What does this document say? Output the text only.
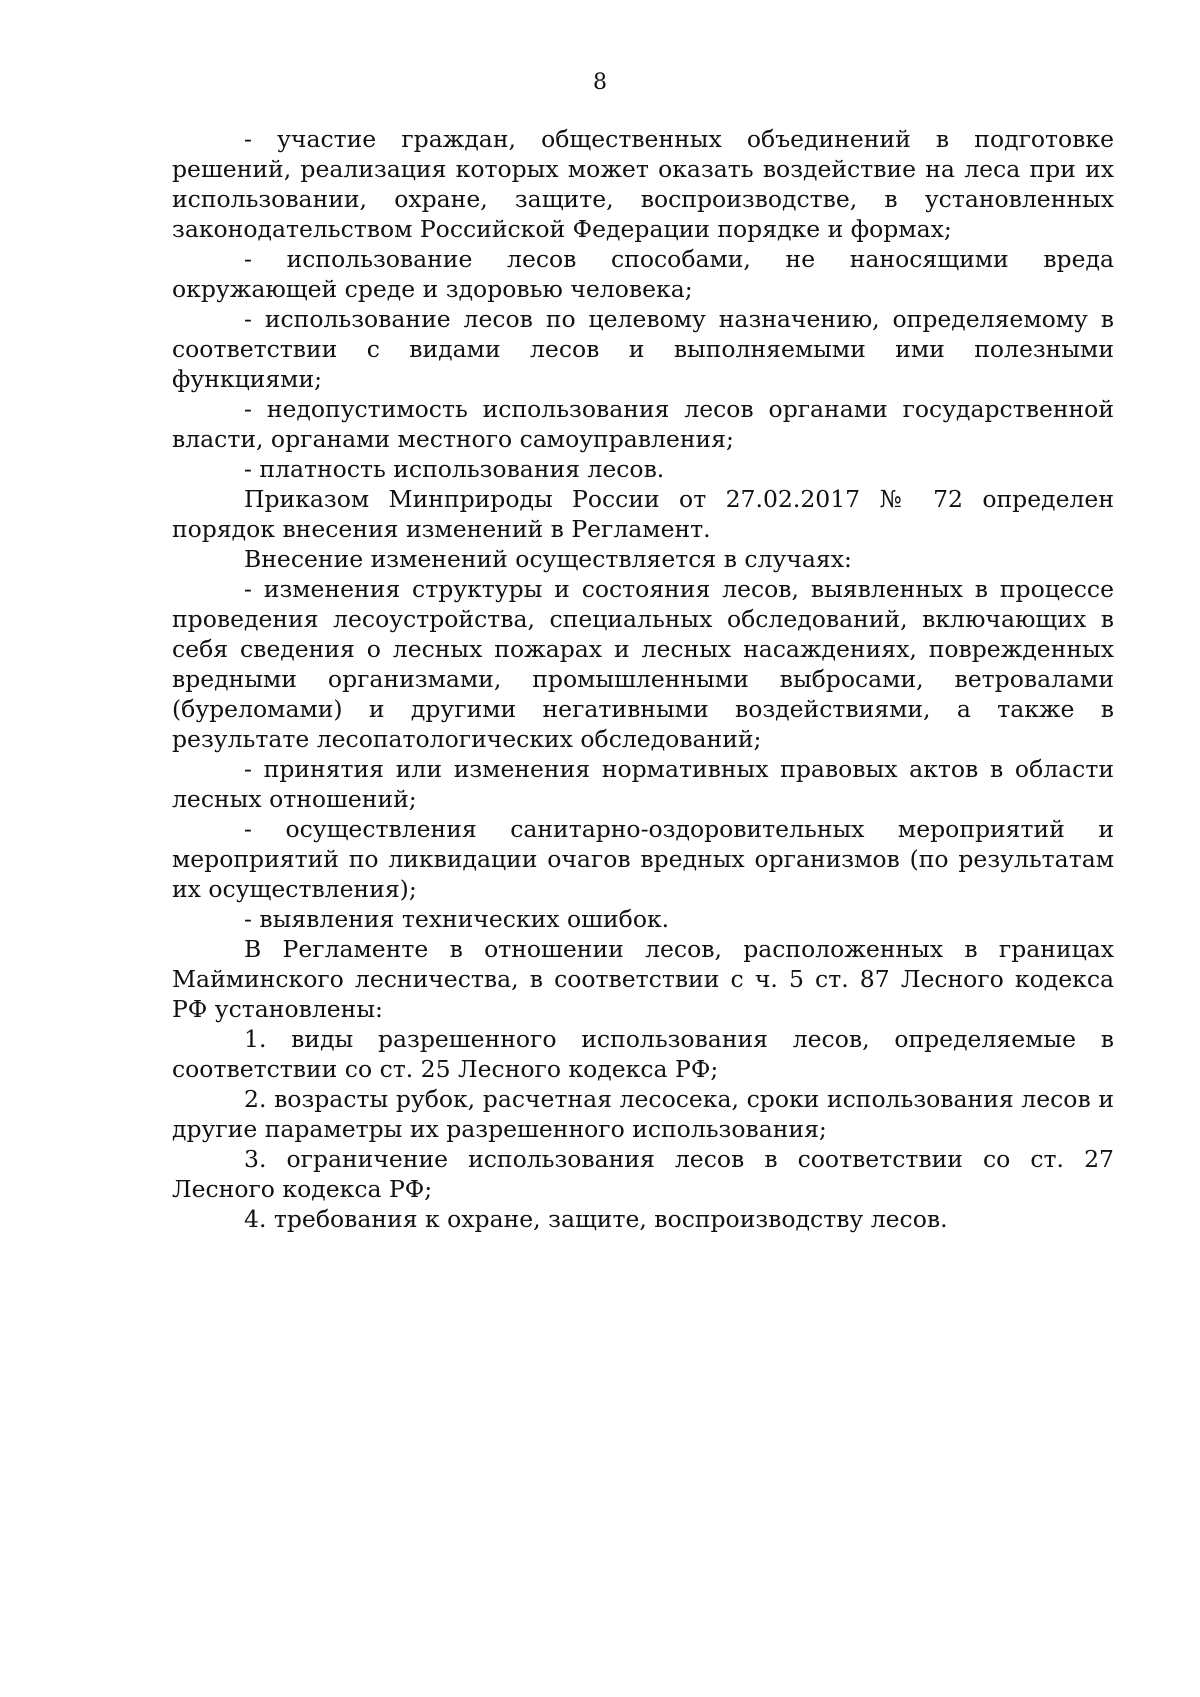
8

- участие граждан, общественных объединений в подготовке решений, реализация которых может оказать воздействие на леса при их использовании, охране, защите, воспроизводстве, в установленных законодательством Российской Федерации порядке и формах;

- использование лесов способами, не наносящими вреда окружающей среде и здоровью человека;

- использование лесов по целевому назначению, определяемому в соответствии с видами лесов и выполняемыми ими полезными функциями;

- недопустимость использования лесов органами государственной власти, органами местного самоуправления;

- платность использования лесов.

Приказом Минприроды России от 27.02.2017 № 72 определен порядок внесения изменений в Регламент.

Внесение изменений осуществляется в случаях:

- изменения структуры и состояния лесов, выявленных в процессе проведения лесоустройства, специальных обследований, включающих в себя сведения о лесных пожарах и лесных насаждениях, поврежденных вредными организмами, промышленными выбросами, ветровалами (буреломами) и другими негативными воздействиями, а также в результате лесопатологических обследований;

- принятия или изменения нормативных правовых актов в области лесных отношений;

- осуществления санитарно-оздоровительных мероприятий и мероприятий по ликвидации очагов вредных организмов (по результатам их осуществления);

- выявления технических ошибок.

В Регламенте в отношении лесов, расположенных в границах Майминского лесничества, в соответствии с ч. 5 ст. 87 Лесного кодекса РФ установлены:

1. виды разрешенного использования лесов, определяемые в соответствии со ст. 25 Лесного кодекса РФ;

2. возрасты рубок, расчетная лесосека, сроки использования лесов и другие параметры их разрешенного использования;

3. ограничение использования лесов в соответствии со ст. 27 Лесного кодекса РФ;

4. требования к охране, защите, воспроизводству лесов.
